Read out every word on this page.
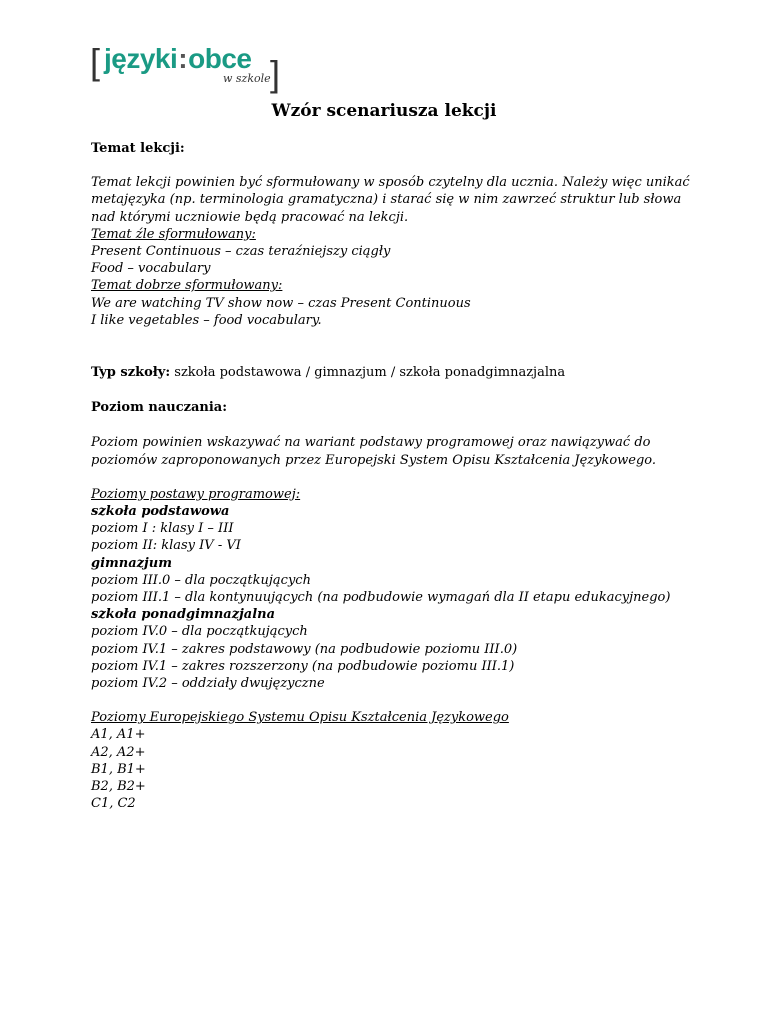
[ języki:obce
w szkole ]
Wzór scenariusza lekcji

Temat lekcji:

Temat lekcji powinien być sformułowany w sposób czytelny dla ucznia. Należy więc unikać

metajęzyka (np. terminologia gramatyczna) i starać się w nim zawrzeć struktur lub słowa

nad którymi uczniowie będą pracować na lekcji.

Temat źle sformułowany:

Present Continuous – czas teraźniejszy ciągły

Food – vocabulary

Temat dobrze sformułowany:

We are watching TV show now – czas Present Continuous

I like vegetables – food vocabulary.

Typ szkoły: szkoła podstawowa / gimnazjum / szkoła ponadgimnazjalna

Poziom nauczania:

Poziom powinien wskazywać na wariant podstawy programowej oraz nawiązywać do

poziomów zaproponowanych przez Europejski System Opisu Kształcenia Językowego.

Poziomy postawy programowej:

szkoła podstawowa

poziom I : klasy I – III

poziom II: klasy IV - VI

gimnazjum

poziom III.0 – dla początkujących

poziom III.1 – dla kontynuujących (na podbudowie wymagań dla II etapu edukacyjnego)

szkoła ponadgimnazjalna

poziom IV.0 – dla początkujących

poziom IV.1 – zakres podstawowy (na podbudowie poziomu III.0)

poziom IV.1 – zakres rozszerzony (na podbudowie poziomu III.1)

poziom IV.2 – oddziały dwujęzyczne

Poziomy Europejskiego Systemu Opisu Kształcenia Językowego

A1, A1+

A2, A2+

B1, B1+

B2, B2+

C1, C2
